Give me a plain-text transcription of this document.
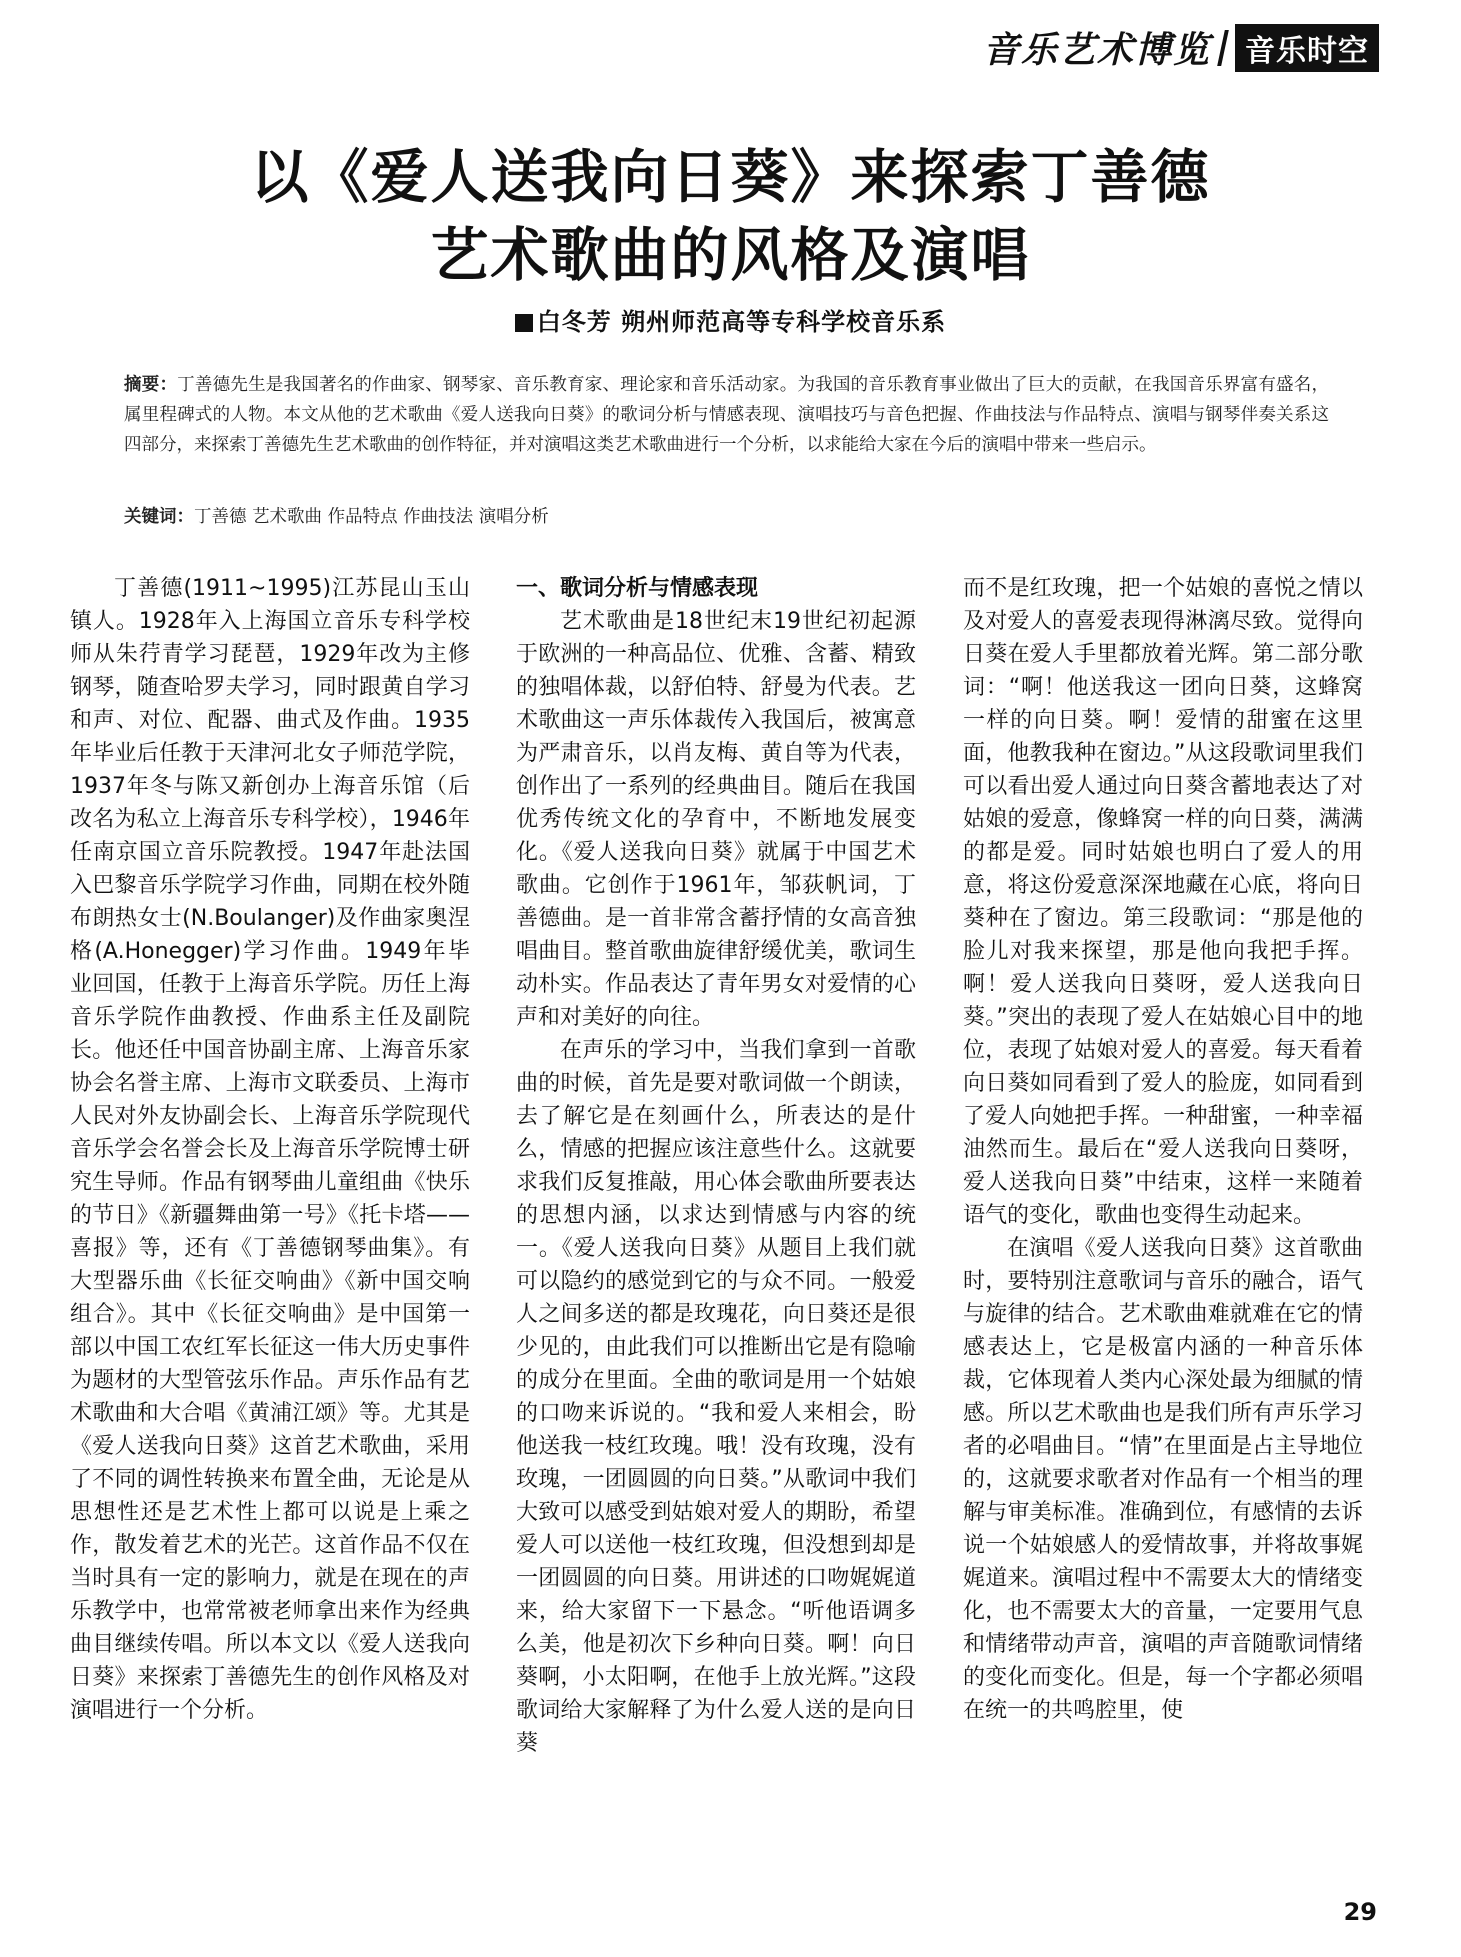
音乐艺术博览	音乐时空
以《爱人送我向日葵》来探索丁善德
艺术歌曲的风格及演唱
白冬芳 朔州师范高等专科学校音乐系
摘要：丁善德先生是我国著名的作曲家、钢琴家、音乐教育家、理论家和音乐活动家。为我国的音乐教育事业做出了巨大的贡献，在我国音乐界富有盛名，属里程碑式的人物。本文从他的艺术歌曲《爱人送我向日葵》的歌词分析与情感表现、演唱技巧与音色把握、作曲技法与作品特点、演唱与钢琴伴奏关系这四部分，来探索丁善德先生艺术歌曲的创作特征，并对演唱这类艺术歌曲进行一个分析，以求能给大家在今后的演唱中带来一些启示。
关键词：丁善德 艺术歌曲 作品特点 作曲技法 演唱分析

丁善德(1911~1995)江苏昆山玉山镇人。1928年入上海国立音乐专科学校师从朱荇青学习琵琶，1929年改为主修钢琴，随查哈罗夫学习，同时跟黄自学习和声、对位、配器、曲式及作曲。1935年毕业后任教于天津河北女子师范学院，1937年冬与陈又新创办上海音乐馆（后改名为私立上海音乐专科学校），1946年任南京国立音乐院教授。1947年赴法国入巴黎音乐学院学习作曲，同期在校外随布朗热女士(N.Boulanger)及作曲家奥涅格(A.Honegger)学习作曲。1949年毕业回国，任教于上海音乐学院。历任上海音乐学院作曲教授、作曲系主任及副院长。他还任中国音协副主席、上海音乐家协会名誉主席、上海市文联委员、上海市人民对外友协副会长、上海音乐学院现代音乐学会名誉会长及上海音乐学院博士研究生导师。作品有钢琴曲儿童组曲《快乐的节日》《新疆舞曲第一号》《托卡塔——喜报》等，还有《丁善德钢琴曲集》。有大型器乐曲《长征交响曲》《新中国交响组合》。其中《长征交响曲》是中国第一部以中国工农红军长征这一伟大历史事件为题材的大型管弦乐作品。声乐作品有艺术歌曲和大合唱《黄浦江颂》等。尤其是《爱人送我向日葵》这首艺术歌曲，采用了不同的调性转换来布置全曲，无论是从思想性还是艺术性上都可以说是上乘之作，散发着艺术的光芒。这首作品不仅在当时具有一定的影响力，就是在现在的声乐教学中，也常常被老师拿出来作为经典曲目继续传唱。所以本文以《爱人送我向日葵》来探索丁善德先生的创作风格及对演唱进行一个分析。

一、歌词分析与情感表现

艺术歌曲是18世纪末19世纪初起源于欧洲的一种高品位、优雅、含蓄、精致的独唱体裁，以舒伯特、舒曼为代表。艺术歌曲这一声乐体裁传入我国后，被寓意为严肃音乐，以肖友梅、黄自等为代表，创作出了一系列的经典曲目。随后在我国优秀传统文化的孕育中，不断地发展变化。《爱人送我向日葵》就属于中国艺术歌曲。它创作于1961年，邹荻帆词，丁善德曲。是一首非常含蓄抒情的女高音独唱曲目。整首歌曲旋律舒缓优美，歌词生动朴实。作品表达了青年男女对爱情的心声和对美好的向往。

在声乐的学习中，当我们拿到一首歌曲的时候，首先是要对歌词做一个朗读，去了解它是在刻画什么，所表达的是什么，情感的把握应该注意些什么。这就要求我们反复推敲，用心体会歌曲所要表达的思想内涵，以求达到情感与内容的统一。《爱人送我向日葵》从题目上我们就可以隐约的感觉到它的与众不同。一般爱人之间多送的都是玫瑰花，向日葵还是很少见的，由此我们可以推断出它是有隐喻的成分在里面。全曲的歌词是用一个姑娘的口吻来诉说的。“我和爱人来相会，盼他送我一枝红玫瑰。哦！没有玫瑰，没有玫瑰，一团圆圆的向日葵。”从歌词中我们大致可以感受到姑娘对爱人的期盼，希望爱人可以送他一枝红玫瑰，但没想到却是一团圆圆的向日葵。用讲述的口吻娓娓道来，给大家留下一下悬念。“听他语调多么美，他是初次下乡种向日葵。啊！向日葵啊，小太阳啊，在他手上放光辉。”这段歌词给大家解释了为什么爱人送的是向日葵

而不是红玫瑰，把一个姑娘的喜悦之情以及对爱人的喜爱表现得淋漓尽致。觉得向日葵在爱人手里都放着光辉。第二部分歌词：“啊！他送我这一团向日葵，这蜂窝一样的向日葵。啊！爱情的甜蜜在这里面，他教我种在窗边。”从这段歌词里我们可以看出爱人通过向日葵含蓄地表达了对姑娘的爱意，像蜂窝一样的向日葵，满满的都是爱。同时姑娘也明白了爱人的用意，将这份爱意深深地藏在心底，将向日葵种在了窗边。第三段歌词：“那是他的脸儿对我来探望，那是他向我把手挥。啊！爱人送我向日葵呀，爱人送我向日葵。”突出的表现了爱人在姑娘心目中的地位，表现了姑娘对爱人的喜爱。每天看着向日葵如同看到了爱人的脸庞，如同看到了爱人向她把手挥。一种甜蜜，一种幸福油然而生。最后在“爱人送我向日葵呀，爱人送我向日葵”中结束，这样一来随着语气的变化，歌曲也变得生动起来。

在演唱《爱人送我向日葵》这首歌曲时，要特别注意歌词与音乐的融合，语气与旋律的结合。艺术歌曲难就难在它的情感表达上，它是极富内涵的一种音乐体裁，它体现着人类内心深处最为细腻的情感。所以艺术歌曲也是我们所有声乐学习者的必唱曲目。“情”在里面是占主导地位的，这就要求歌者对作品有一个相当的理解与审美标准。准确到位，有感情的去诉说一个姑娘感人的爱情故事，并将故事娓娓道来。演唱过程中不需要太大的情绪变化，也不需要太大的音量，一定要用气息和情绪带动声音，演唱的声音随歌词情绪的变化而变化。但是，每一个字都必须唱在统一的共鸣腔里，使

29
